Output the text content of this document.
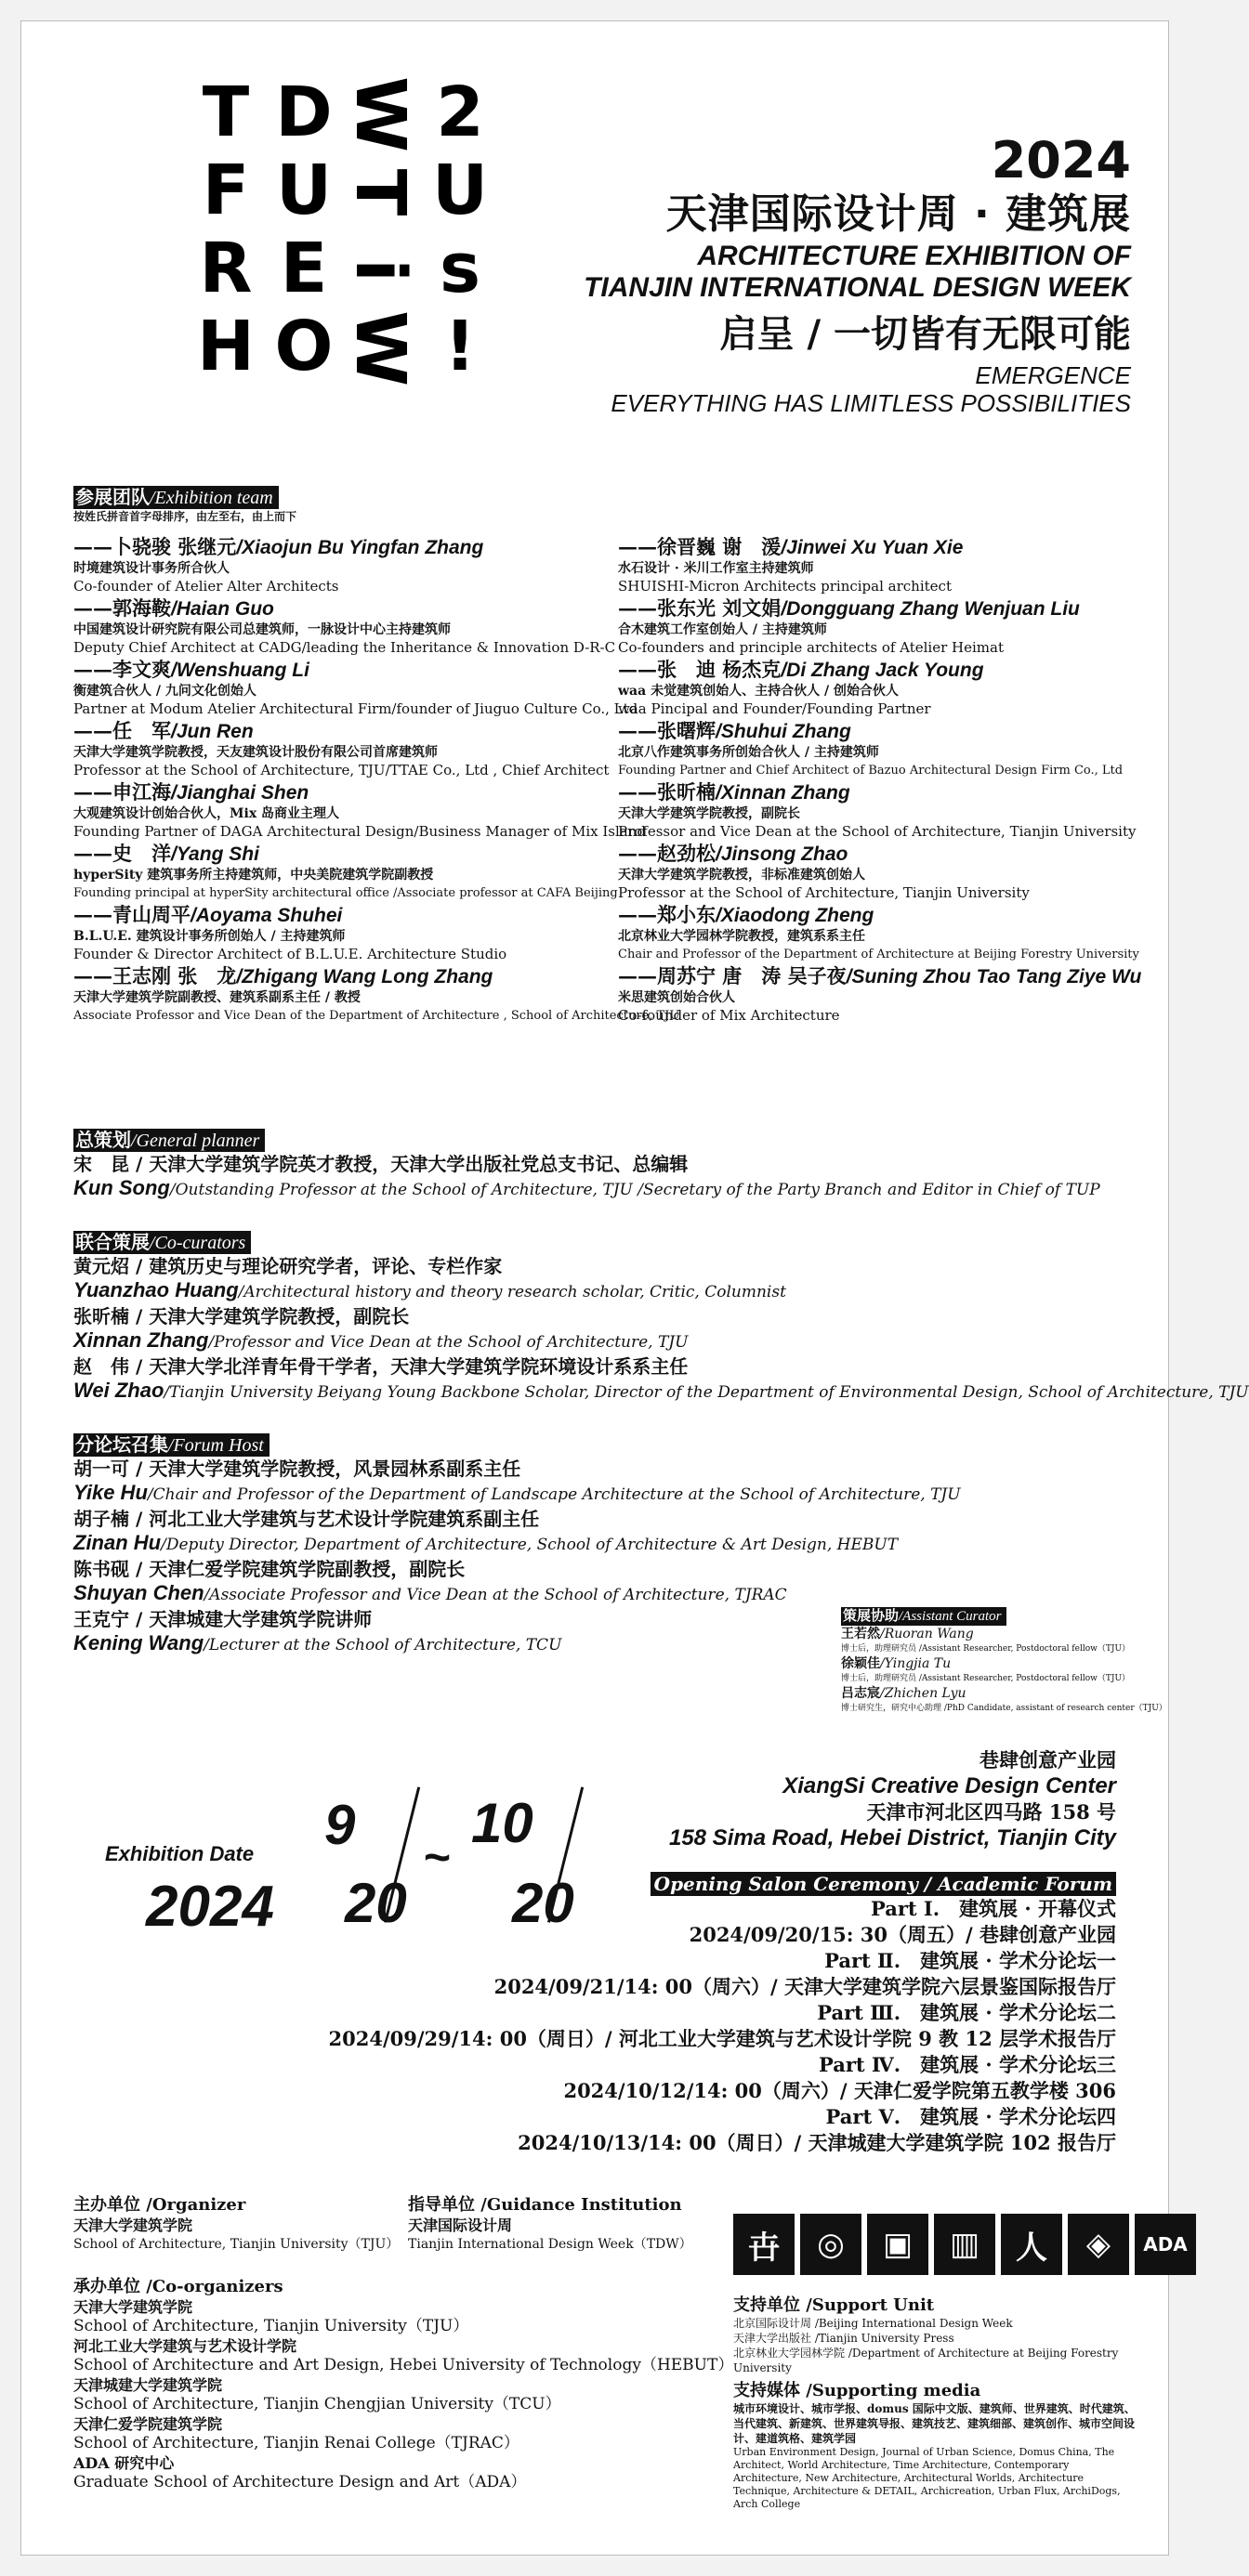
T D W 2
F U T U
R E i s
H O W !
2024
天津国际设计周 · 建筑展
ARCHITECTURE EXHIBITION OF
TIANJIN INTERNATIONAL DESIGN WEEK
启呈 / 一切皆有无限可能
EMERGENCE
EVERYTHING HAS LIMITLESS POSSIBILITIES
参展团队/Exhibition team
按姓氏拼音首字母排序，由左至右，由上而下
——卜骁骏 张继元/Xiaojun Bu Yingfan Zhang
时境建筑设计事务所合伙人
Co-founder of Atelier Alter Architects
——郭海鞍/Haian Guo
中国建筑设计研究院有限公司总建筑师，一脉设计中心主持建筑师
Deputy Chief Architect at CADG/leading the Inheritance & Innovation D-R-C
——李文爽/Wenshuang Li
衡建筑合伙人 / 九问文化创始人
Partner at Modum Atelier Architectural Firm/founder of Jiuguo Culture Co., Ltd
——任　军/Jun Ren
天津大学建筑学院教授，天友建筑设计股份有限公司首席建筑师
Professor at the School of Architecture, TJU/TTAE Co., Ltd , Chief Architect
——申江海/Jianghai Shen
大观建筑设计创始合伙人，Mix 岛商业主理人
Founding Partner of DAGA Architectural Design/Business Manager of Mix Island
——史　洋/Yang Shi
hyperSity 建筑事务所主持建筑师，中央美院建筑学院副教授
Founding principal at hyperSity architectural office /Associate professor at CAFA Beijing
——青山周平/Aoyama Shuhei
B.L.U.E. 建筑设计事务所创始人 / 主持建筑师
Founder & Director Architect of B.L.U.E. Architecture Studio
——王志刚 张　龙/Zhigang Wang Long Zhang
天津大学建筑学院副教授、建筑系副系主任 / 教授
Associate Professor and Vice Dean of the Department of Architecture , School of Architecture, TJU
——徐晋巍 谢　湲/Jinwei Xu Yuan Xie
水石设计 · 米川工作室主持建筑师
SHUISHI-Micron Architects principal architect
——张东光 刘文娟/Dongguang Zhang Wenjuan Liu
合木建筑工作室创始人 / 主持建筑师
Co-founders and principle architects of Atelier Heimat
——张　迪 杨杰克/Di Zhang Jack Young
waa 未觉建筑创始人、主持合伙人 / 创始合伙人
waa Pincipal and Founder/Founding Partner
——张曙辉/Shuhui Zhang
北京八作建筑事务所创始合伙人 / 主持建筑师
Founding Partner and Chief Architect of Bazuo Architectural Design Firm Co., Ltd
——张昕楠/Xinnan Zhang
天津大学建筑学院教授，副院长
Professor and Vice Dean at the School of Architecture, Tianjin University
——赵劲松/Jinsong Zhao
天津大学建筑学院教授，非标准建筑创始人
Professor at the School of Architecture, Tianjin University
——郑小东/Xiaodong Zheng
北京林业大学园林学院教授，建筑系系主任
Chair and Professor of the Department of Architecture at Beijing Forestry University
——周苏宁 唐　涛 吴子夜/Suning Zhou Tao Tang Ziye Wu
米思建筑创始合伙人
Co-founder of Mix Architecture
总策划/General planner
宋　昆 / 天津大学建筑学院英才教授，天津大学出版社党总支书记、总编辑
Kun Song/Outstanding Professor at the School of Architecture, TJU /Secretary of the Party Branch and Editor in Chief of TUP
联合策展/Co-curators
黄元炤 / 建筑历史与理论研究学者，评论、专栏作家
Yuanzhao Huang/Architectural history and theory research scholar, Critic, Columnist
张昕楠 / 天津大学建筑学院教授，副院长
Xinnan Zhang/Professor and Vice Dean at the School of Architecture, TJU
赵　伟 / 天津大学北洋青年骨干学者，天津大学建筑学院环境设计系系主任
Wei Zhao/Tianjin University Beiyang Young Backbone Scholar, Director of the Department of Environmental Design, School of Architecture, TJU
分论坛召集/Forum Host
胡一可 / 天津大学建筑学院教授，风景园林系副系主任
Yike Hu/Chair and Professor of the Department of Landscape Architecture at the School of Architecture, TJU
胡子楠 / 河北工业大学建筑与艺术设计学院建筑系副主任
Zinan Hu/Deputy Director, Department of Architecture, School of Architecture & Art Design, HEBUT
陈书砚 / 天津仁爱学院建筑学院副教授，副院长
Shuyan Chen/Associate Professor and Vice Dean at the School of Architecture, TJRAC
王克宁 / 天津城建大学建筑学院讲师
Kening Wang/Lecturer at the School of Architecture, TCU
策展协助/Assistant Curator
王若然/Ruoran Wang
博士后，助理研究员 /Assistant Researcher, Postdoctoral fellow（TJU）
徐颖佳/Yingjia Tu
博士后，助理研究员 /Assistant Researcher, Postdoctoral fellow（TJU）
吕志宸/Zhichen Lyu
博士研究生，研究中心助理 /PhD Candidate, assistant of research center（TJU）
巷肆创意产业园
XiangSi Creative Design Center
天津市河北区四马路 158 号
158 Sima Road, Hebei District, Tianjin City
Exhibition Date
2024
9
20
~
10
20	Opening Salon Ceremony / Academic Forum
Part Ⅰ.　建筑展 · 开幕仪式
2024/09/20/15: 30（周五）/ 巷肆创意产业园
Part Ⅱ.　建筑展 · 学术分论坛一
2024/09/21/14: 00（周六）/ 天津大学建筑学院六层景鉴国际报告厅
Part Ⅲ.　建筑展 · 学术分论坛二
2024/09/29/14: 00（周日）/ 河北工业大学建筑与艺术设计学院 9 教 12 层学术报告厅
Part Ⅳ.　建筑展 · 学术分论坛三
2024/10/12/14: 00（周六）/ 天津仁爱学院第五教学楼 306
Part Ⅴ.　建筑展 · 学术分论坛四
2024/10/13/14: 00（周日）/ 天津城建大学建筑学院 102 报告厅
主办单位 /Organizer
天津大学建筑学院
School of Architecture, Tianjin University（TJU）
指导单位 /Guidance Institution
天津国际设计周
Tianjin International Design Week（TDW）
承办单位 /Co-organizers
天津大学建筑学院
School of Architecture, Tianjin University（TJU）
河北工业大学建筑与艺术设计学院
School of Architecture and Art Design, Hebei University of Technology（HEBUT）
天津城建大学建筑学院
School of Architecture, Tianjin Chengjian University（TCU）
天津仁爱学院建筑学院
School of Architecture, Tianjin Renai College（TJRAC）
ADA 研究中心
Graduate School of Architecture Design and Art（ADA）
卋	◎	▣	▥	人	◈	ADA
支持单位 /Support Unit
北京国际设计周 /Beijing International Design Week
天津大学出版社 /Tianjin University Press
北京林业大学园林学院 /Department of Architecture at Beijing Forestry University
支持媒体 /Supporting media
城市环境设计、城市学报、domus 国际中文版、建筑师、世界建筑、时代建筑、当代建筑、新建筑、世界建筑导报、建筑技艺、建筑细部、建筑创作、城市空间设计、建道筑格、建筑学园
Urban Environment Design, Journal of Urban Science, Domus China, The Architect, World Architecture, Time Architecture, Contemporary Architecture, New Architecture, Architectural Worlds, Architecture Technique, Architecture & DETAIL, Archicreation, Urban Flux, ArchiDogs, Arch College
